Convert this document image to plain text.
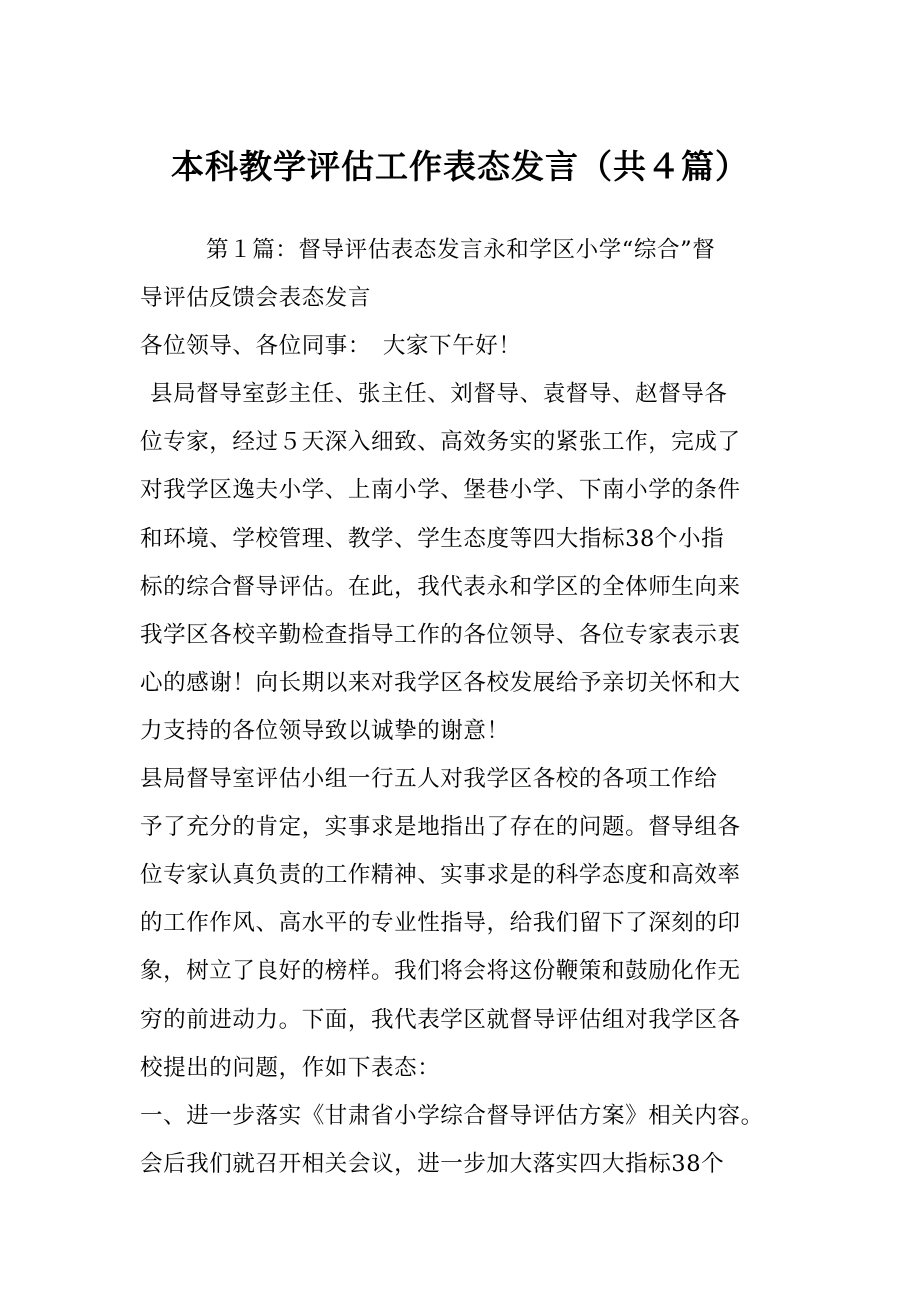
本科教学评估工作表态发言（共４篇）
第１篇：督导评估表态发言永和学区小学“综合”督
导评估反馈会表态发言
各位领导、各位同事：　大家下午好！
县局督导室彭主任、张主任、刘督导、袁督导、赵督导各
位专家，经过５天深入细致、高效务实的紧张工作，完成了
对我学区逸夫小学、上南小学、堡巷小学、下南小学的条件
和环境、学校管理、教学、学生态度等四大指标38个小指
标的综合督导评估。在此，我代表永和学区的全体师生向来
我学区各校辛勤检查指导工作的各位领导、各位专家表示衷
心的感谢！向长期以来对我学区各校发展给予亲切关怀和大
力支持的各位领导致以诚挚的谢意！
县局督导室评估小组一行五人对我学区各校的各项工作给
予了充分的肯定，实事求是地指出了存在的问题。督导组各
位专家认真负责的工作精神、实事求是的科学态度和高效率
的工作作风、高水平的专业性指导，给我们留下了深刻的印
象，树立了良好的榜样。我们将会将这份鞭策和鼓励化作无
穷的前进动力。下面，我代表学区就督导评估组对我学区各
校提出的问题，作如下表态：
一、进一步落实《甘肃省小学综合督导评估方案》相关内容。
会后我们就召开相关会议，进一步加大落实四大指标38个
